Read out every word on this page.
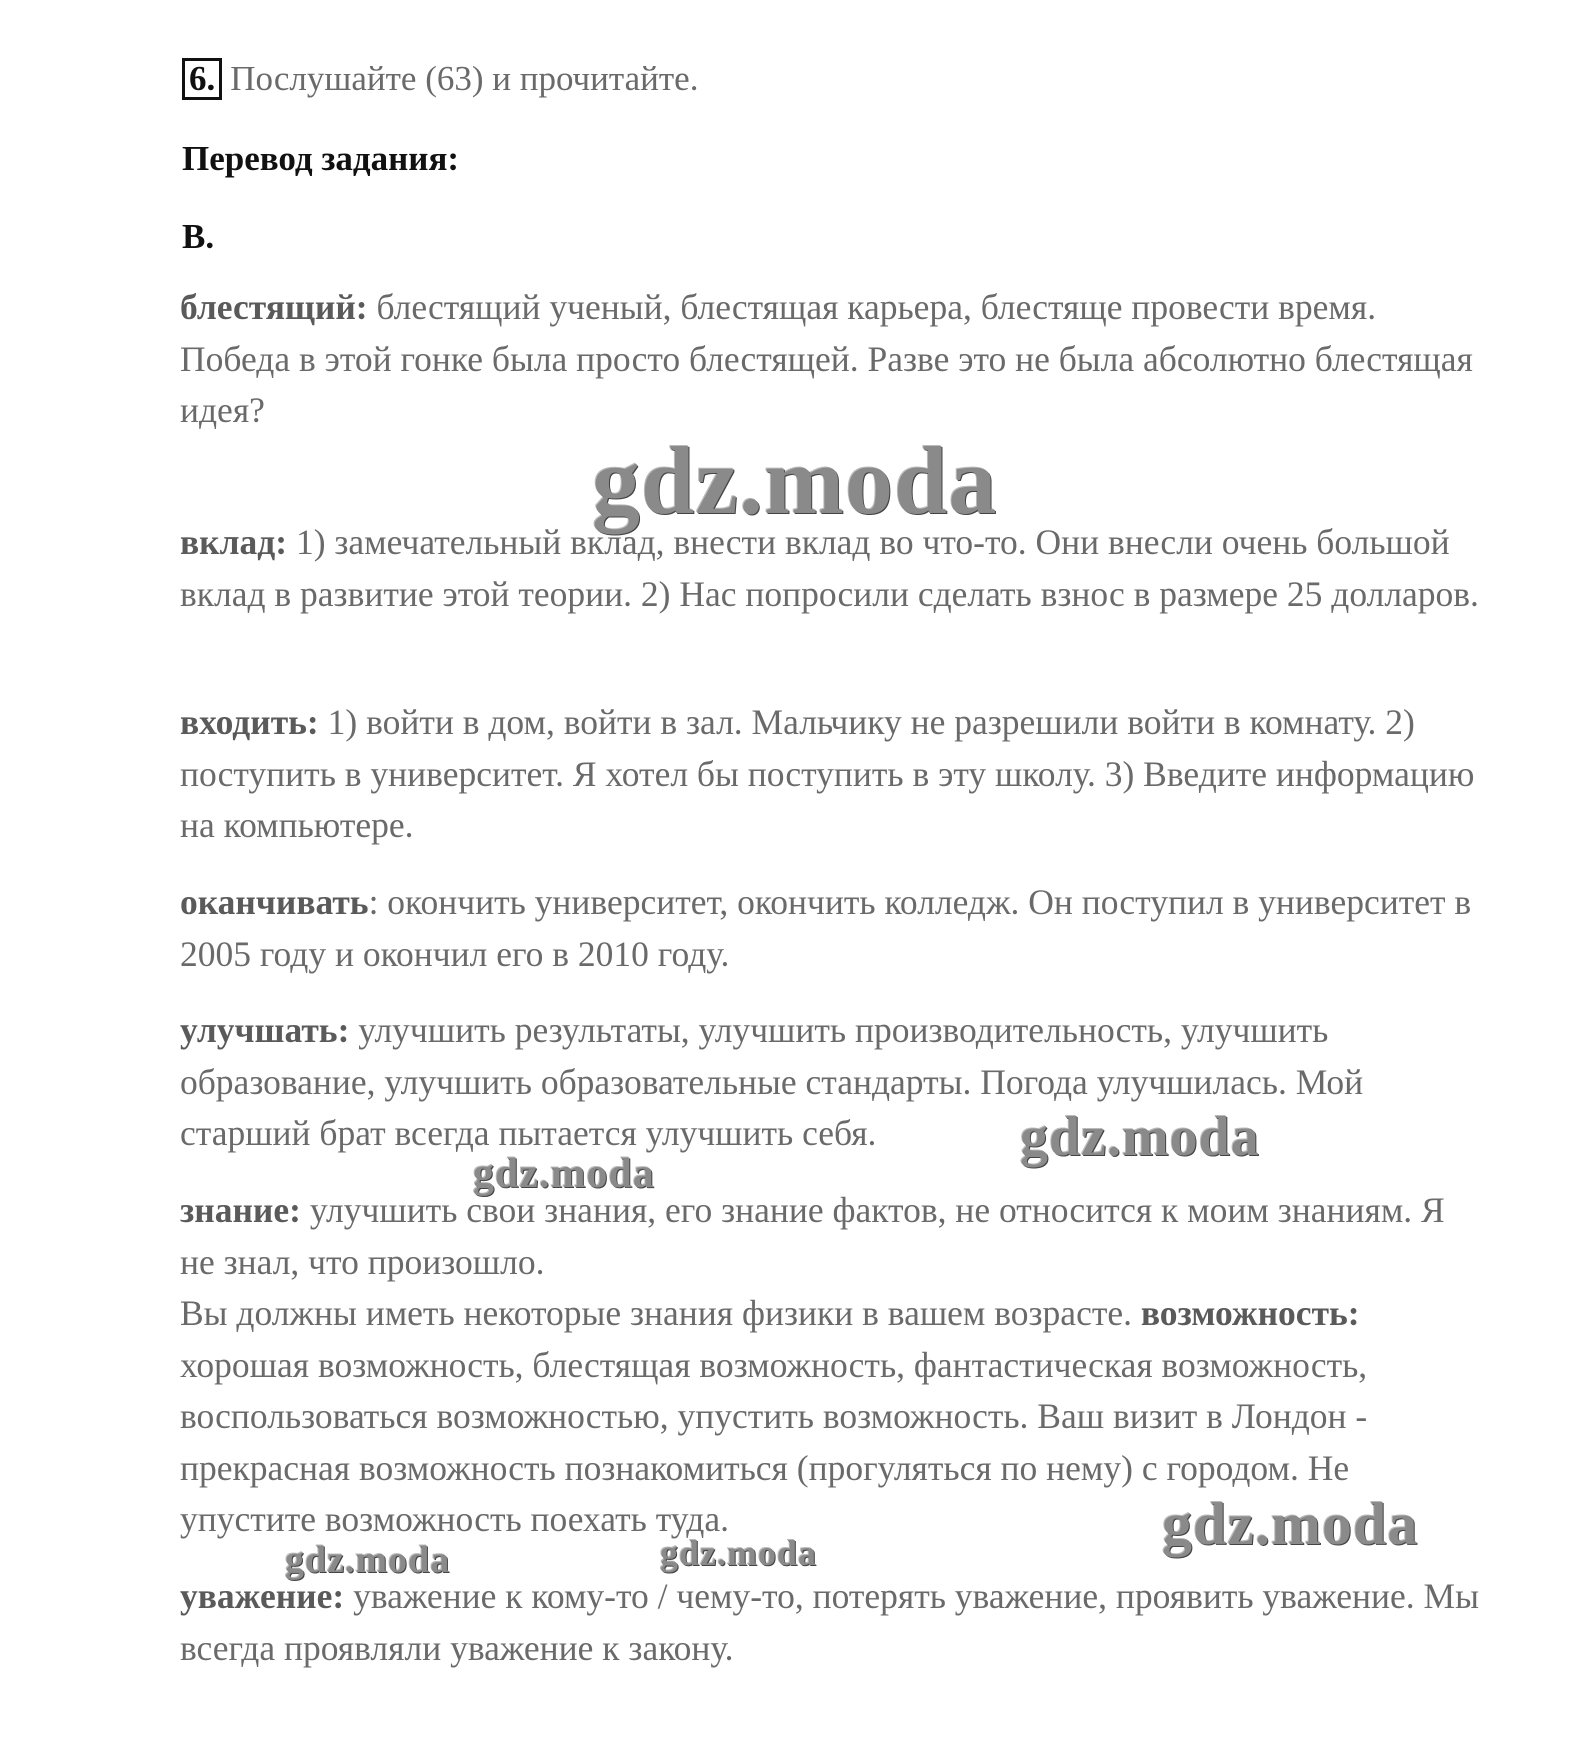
6. Послушайте (63) и прочитайте.
Перевод задания:
В.

блестящий: блестящий ученый, блестящая карьера, блестяще провести время.

Победа в этой гонке была просто блестящей. Разве это не была абсолютно блестящая идея?

вклад: 1) замечательный вклад, внести вклад во что-то. Они внесли очень большой вклад в развитие этой теории. 2) Нас попросили сделать взнос в размере 25 долларов.

входить: 1) войти в дом, войти в зал. Мальчику не разрешили войти в комнату. 2) поступить в университет. Я хотел бы поступить в эту школу. 3) Введите информацию на компьютере.

оканчивать: окончить университет, окончить колледж. Он поступил в университет в 2005 году и окончил его в 2010 году.

улучшать: улучшить результаты, улучшить производительность, улучшить образование, улучшить образовательные стандарты. Погода улучшилась. Мой старший брат всегда пытается улучшить себя.

знание: улучшить свои знания, его знание фактов, не относится к моим знаниям. Я не знал, что произошло.

Вы должны иметь некоторые знания физики в вашем возрасте. возможность: хорошая возможность, блестящая возможность, фантастическая возможность, воспользоваться возможностью, упустить возможность. Ваш визит в Лондон - прекрасная возможность познакомиться (прогуляться по нему) с городом. Не упустите возможность поехать туда.

уважение: уважение к кому-то / чему-то, потерять уважение, проявить уважение. Мы всегда проявляли уважение к закону.

gdz.moda
gdz.moda
gdz.moda
gdz.moda
gdz.moda	gdz.moda
